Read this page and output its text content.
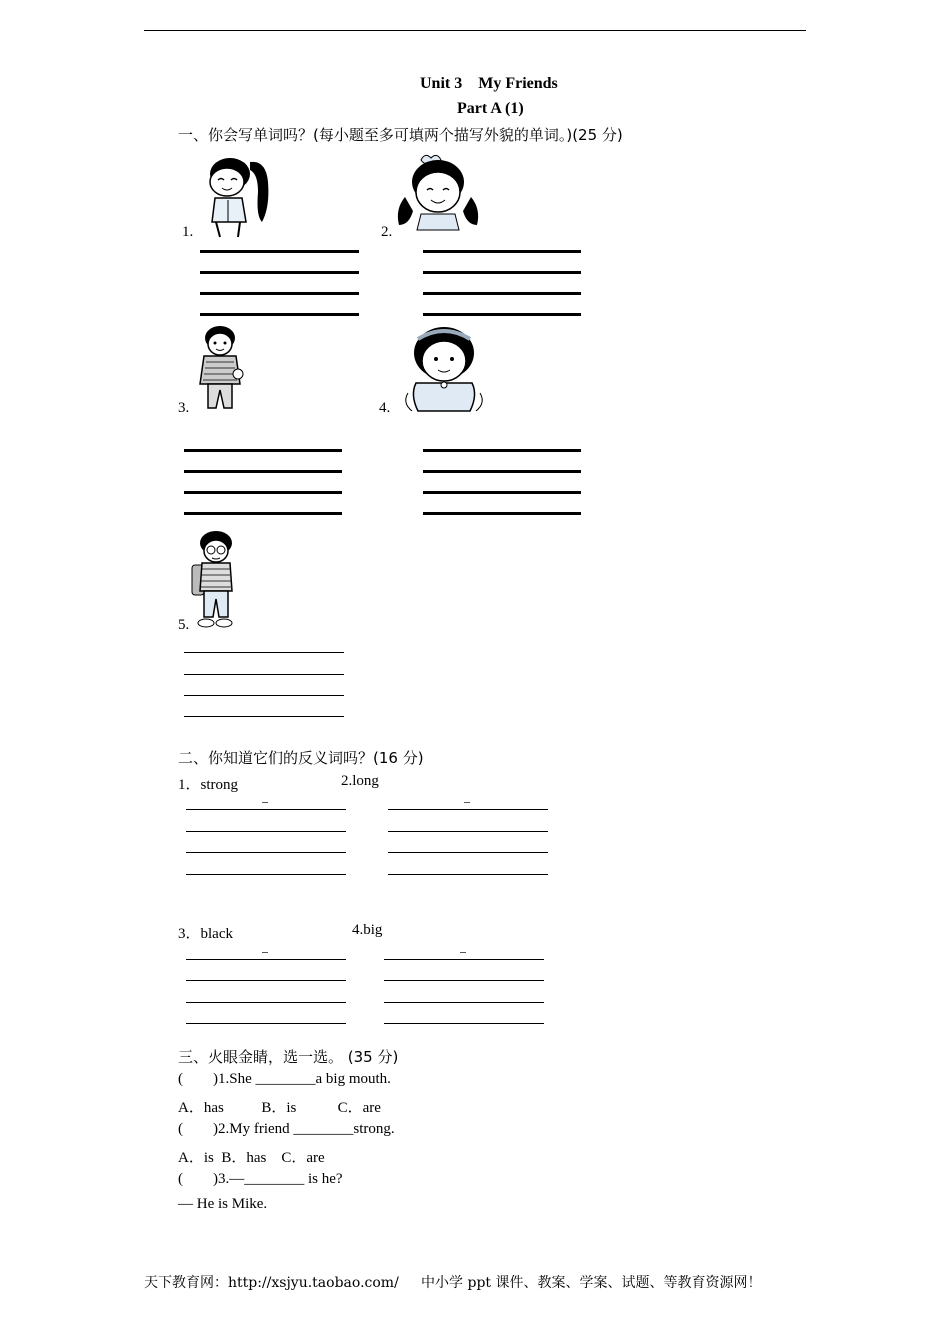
Unit 3    My Friends
Part A (1)
一、你会写单词吗？(每小题至多可填两个描写外貌的单词。)(25 分)
1.	2.
3.	4.
5.
二、你知道它们的反义词吗？(16 分)
1．strong	2.long
3．black	4.big
三、火眼金睛，选一选。 (35 分)
(        )1.She ________a big mouth.
A．has          B．is           C．are
(        )2.My friend ________strong.
A．is  B．has    C．are
(        )3.—________ is he?
— He is Mike.
天下教育网：http://xsjyu.taobao.com/     中小学 ppt 课件、教案、学案、试题、等教育资源网！
